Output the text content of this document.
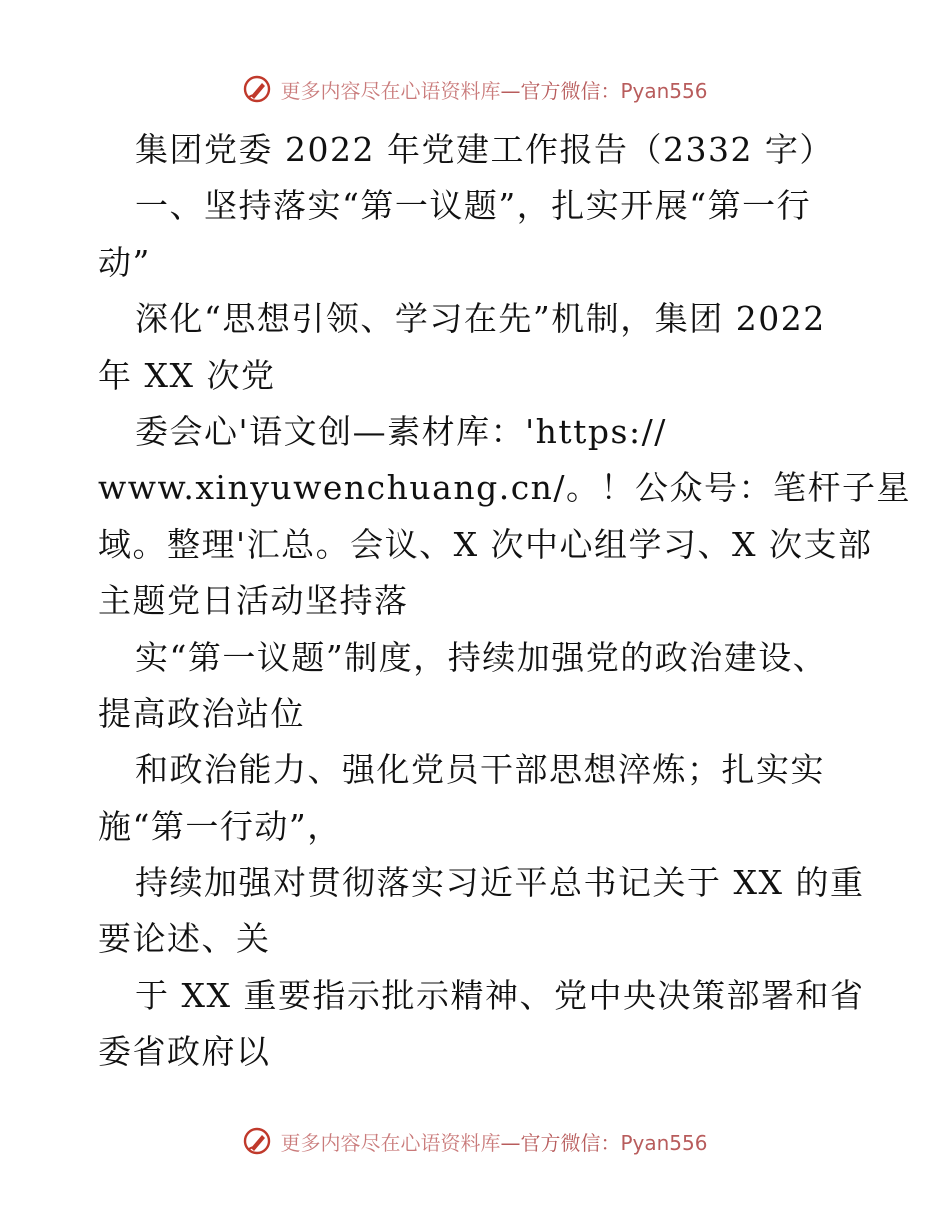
更多内容尽在心语资料库 —官方微信：Pyan556
集团党委 2022 年党建工作报告（2332 字）
一、坚持落实“第一议题”，扎实开展“第一行
动”
深化“思想引领、学习在先”机制，集团 2022
年 XX 次党
委会心'语文创—素材库：'https://
www.xinyuwenchuang.cn/。！公众号：笔杆子星
域。整理'汇总。会议、X 次中心组学习、X 次支部
主题党日活动坚持落
实“第一议题”制度，持续加强党的政治建设、
提高政治站位
和政治能力、强化党员干部思想淬炼；扎实实
施“第一行动”，
持续加强对贯彻落实习近平总书记关于 XX 的重
要论述、关
于 XX 重要指示批示精神、党中央决策部署和省
委省政府以
更多内容尽在心语资料库 —官方微信：Pyan556
